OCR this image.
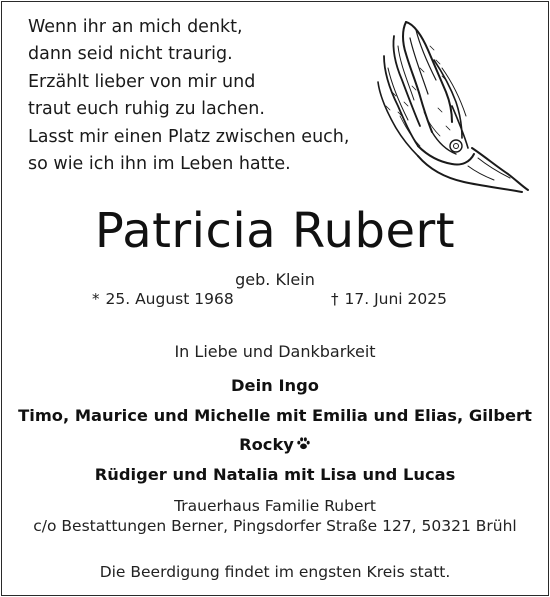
Wenn ihr an mich denkt,
dann seid nicht traurig.
Erzählt lieber von mir und
traut euch ruhig zu lachen.
Lasst mir einen Platz zwischen euch,
so wie ich ihn im Leben hatte.
Patricia Rubert
geb. Klein
* 25. August 1968	† 17. Juni 2025
In Liebe und Dankbarkeit
Dein Ingo
Timo, Maurice und Michelle mit Emilia und Elias, Gilbert
Rocky
Rüdiger und Natalia mit Lisa und Lucas
Trauerhaus Familie Rubert
c/o Bestattungen Berner, Pingsdorfer Straße 127, 50321 Brühl
Die Beerdigung findet im engsten Kreis statt.
